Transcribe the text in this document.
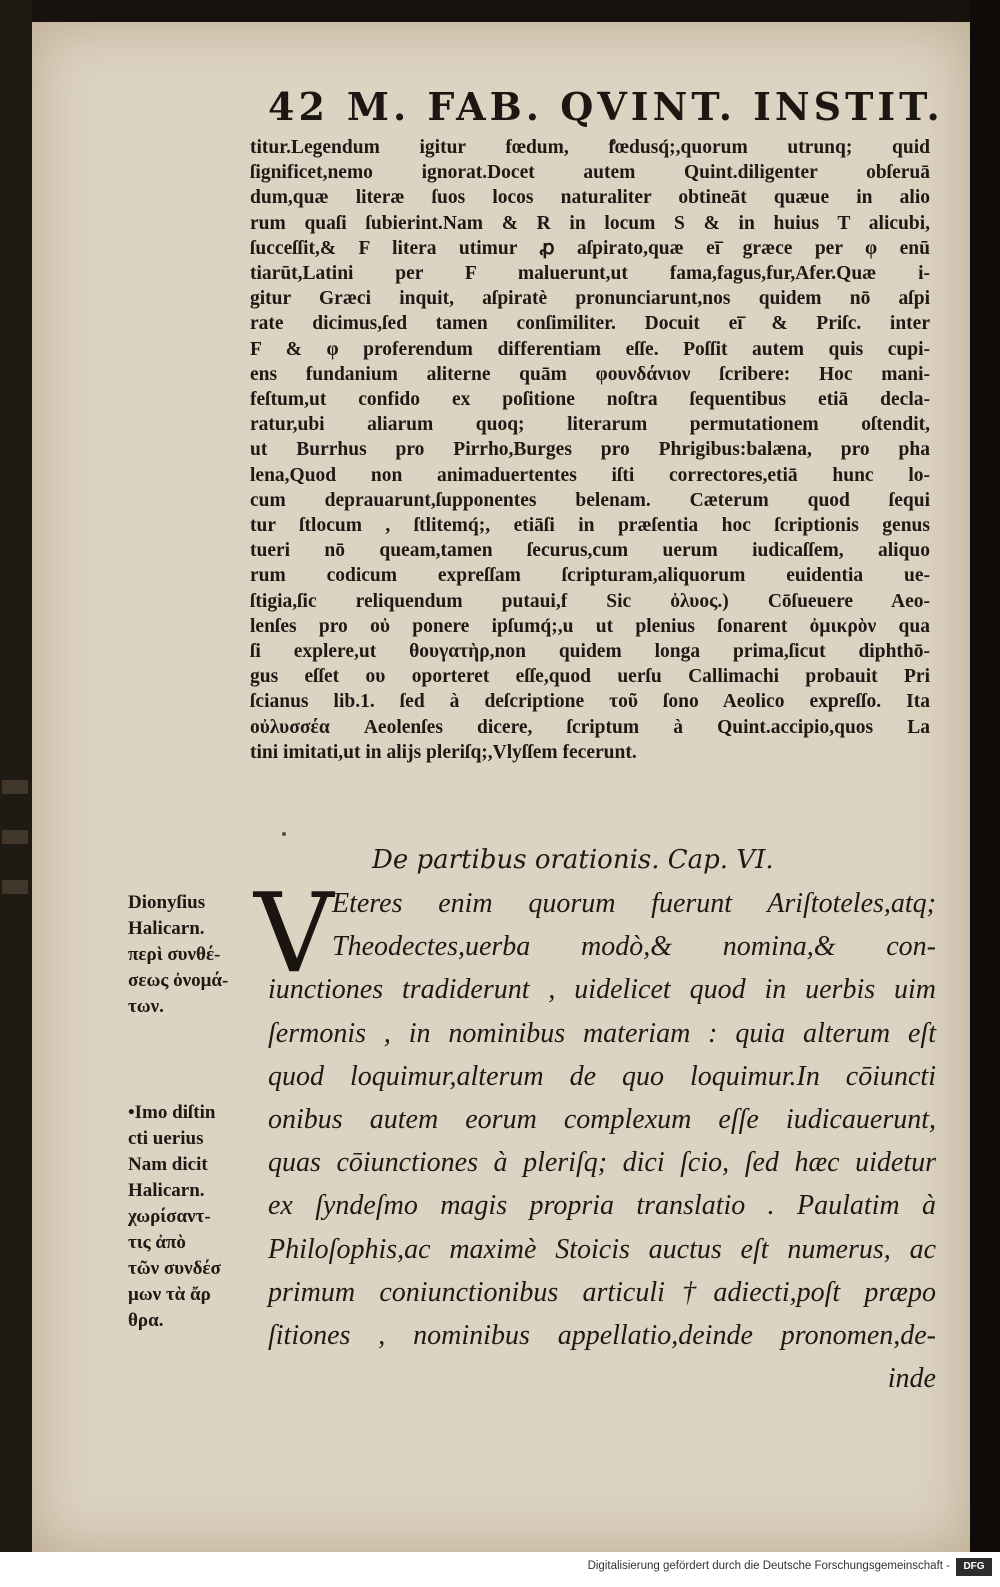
42 M. FAB. QVINT. INSTIT.
titur.Legendum igitur fœdum, fœdusq́;,quorum utrunq; quid
ſignificet,nemo ignorat.Docet autem Quint.diligenter obſeruā
dum,quæ literæ ſuos locos naturaliter obtineāt quæue in alio
rum quaſi ſubierint.Nam & R in locum S & in huius T alicubi,
ſucceſſit,& F litera utimur ꝓ aſpirato,quæ eī̄ græce per φ enū
tiarūt,Latini per F maluerunt,ut fama,fagus,fur,Afer.Quæ i-
gitur Græci inquit, aſpiratè pronunciarunt,nos quidem nō aſpi
rate dicimus,ſed tamen conſimiliter. Docuit eī̄ & Priſc. inter
F & φ proferendum differentiam eſſe. Poſſit autem quis cupi-
ens fundanium aliterne quām φουνδάνιον ſcribere: Hoc mani-
feſtum,ut confido ex poſitione noſtra ſequentibus etiā decla-
ratur,ubi aliarum quoq; literarum permutationem oſtendit,
ut Burrhus pro Pirrho,Burges pro Phrigibus:balæna, pro pha
lena,Quod non animaduertentes iſti correctores,etiā hunc lo-
cum deprauarunt,ſupponentes belenam. Cæterum quod ſequi
tur ſtlocum , ſtlitemq́;, etiāſi in præſentia hoc ſcriptionis genus
tueri nō queam,tamen ſecurus,cum uerum iudicaſſem, aliquo
rum codicum expreſſam ſcripturam,aliquorum euidentia ue-
ſtigia,ſic reliquendum putaui,f Sic ὀλυος.) Cōſueuere Aeo-
lenſes pro οὐ ponere ipſumq́;,u ut plenius ſonarent ὀμικρὸν qua
ſi explere,ut θουγατὴρ,non quidem longa prima,ſicut diphthō-
gus eſſet ου oporteret eſſe,quod uerſu Callimachi probauit Pri
ſcianus lib.1. ſed à deſcriptione τοῦ ſono Aeolico expreſſo. Ita
οὐλυσσέα Aeolenſes dicere, ſcriptum à Quint.accipio,quos La
tini imitati,ut in alijs pleriſq;,Vlyſſem fecerunt.
De partibus orationis. Cap. VI.
V
Eteres enim quorum fuerunt Ariſtoteles,atq;
Theodectes,uerba modò,& nomina,& con-
iunctiones tradiderunt , uidelicet quod in uerbis uim
ſermonis , in nominibus materiam : quia alterum eſt
quod loquimur,alterum de quo loquimur.In cōiuncti
onibus autem eorum complexum eſſe iudicauerunt,
quas cōiunctiones à pleriſq; dici ſcio, ſed hæc uidetur
ex ſyndeſmo magis propria translatio . Paulatim à
Philoſophis,ac maximè Stoicis auctus eſt numerus, ac
primum coniunctionibus articuli†adiecti,poſt præpo
ſitiones , nominibus appellatio,deinde pronomen,de-
inde
Dionyſius
Halicarn.
περὶ συνθέ-
σεως ὀνομά-
των.
•Imo diſtin
cti uerius
Nam dicit
Halicarn.
χωρίσαντ-
τις ἀπὸ
τῶν συνδέσ
μων τὰ ἄρ
θρα.
Digitalisierung gefördert durch die Deutsche Forschungsgemeinschaft -	DFG
